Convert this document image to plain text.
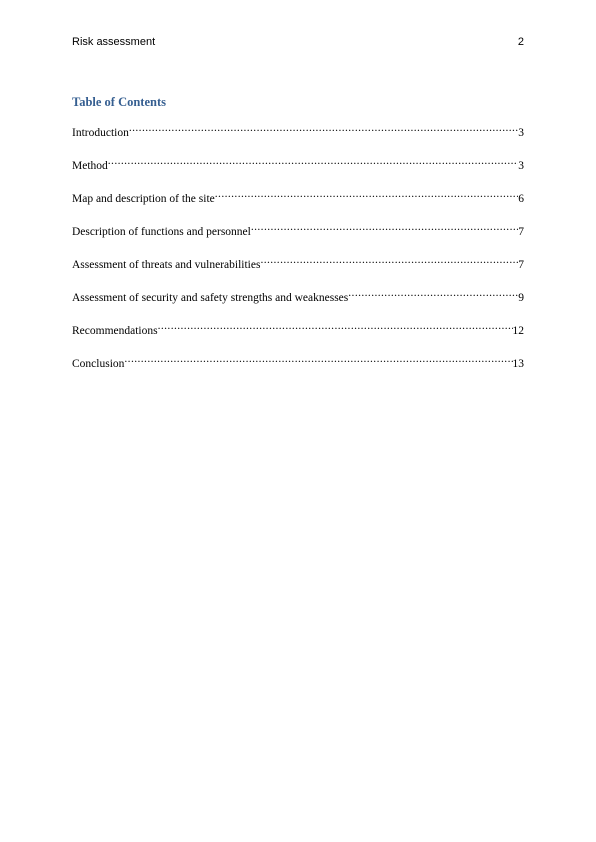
Risk assessment	2
Table of Contents
Introduction .....	3
Method .....	3
Map and description of the site .....	6
Description of functions and personnel .....	7
Assessment of threats and vulnerabilities .....	7
Assessment of security and safety strengths and weaknesses .....	9
Recommendations .....	12
Conclusion .....	13
